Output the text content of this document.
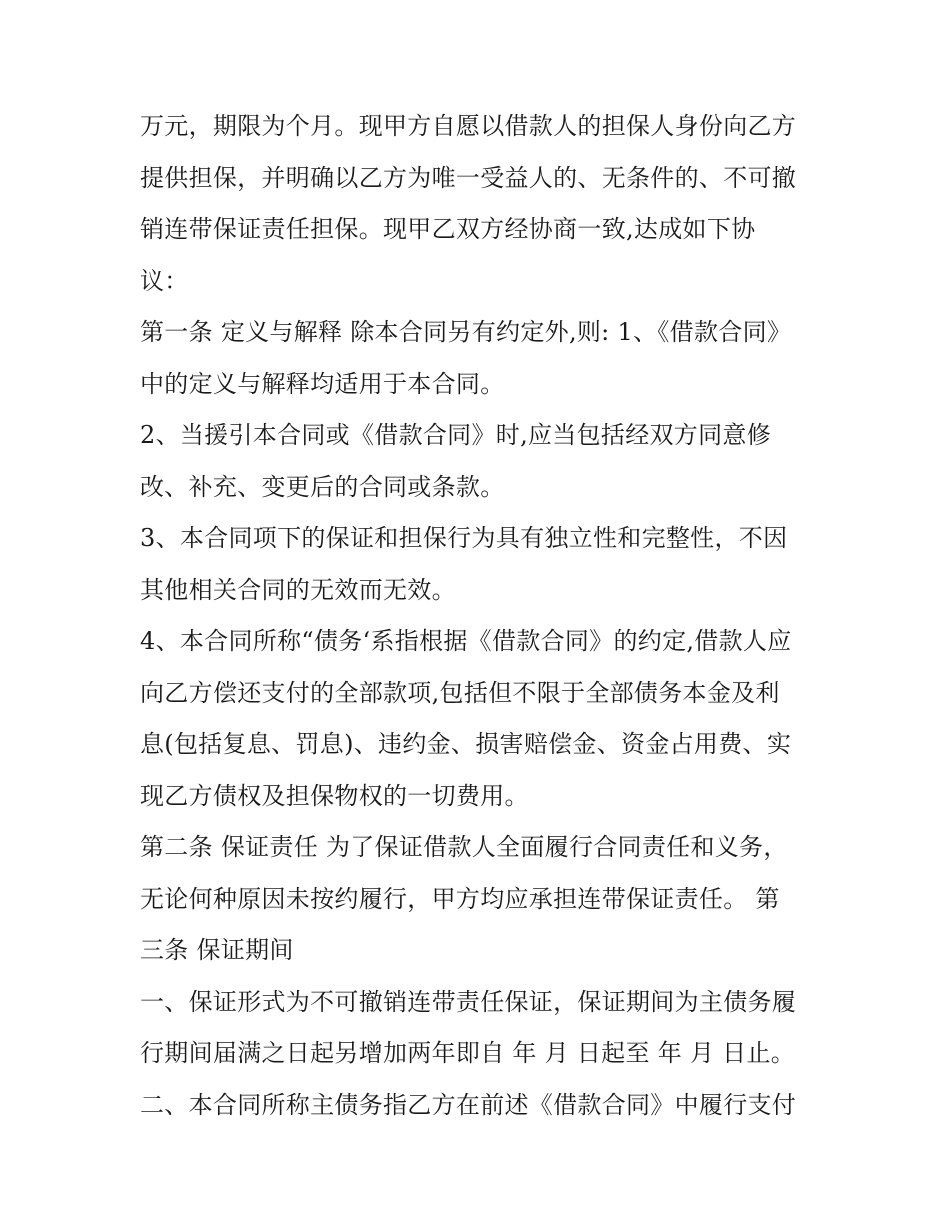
万元，期限为个月。现甲方自愿以借款人的担保人身份向乙方
提供担保，并明确以乙方为唯一受益人的、无条件的、不可撤
销连带保证责任担保。现甲乙双方经协商一致,达成如下协
议：
第一条 定义与解释 除本合同另有约定外,则: 1、《借款合同》
中的定义与解释均适用于本合同。
2、当援引本合同或《借款合同》时,应当包括经双方同意修
改、补充、变更后的合同或条款。
3、本合同项下的保证和担保行为具有独立性和完整性，不因
其他相关合同的无效而无效。
4、本合同所称“债务‘系指根据《借款合同》的约定,借款人应
向乙方偿还支付的全部款项,包括但不限于全部债务本金及利
息(包括复息、罚息)、违约金、损害赔偿金、资金占用费、实
现乙方债权及担保物权的一切费用。
第二条 保证责任 为了保证借款人全面履行合同责任和义务，
无论何种原因未按约履行，甲方均应承担连带保证责任。 第
三条 保证期间
一、保证形式为不可撤销连带责任保证，保证期间为主债务履
行期间届满之日起另增加两年即自 年 月 日起至 年 月 日止。
二、本合同所称主债务指乙方在前述《借款合同》中履行支付
